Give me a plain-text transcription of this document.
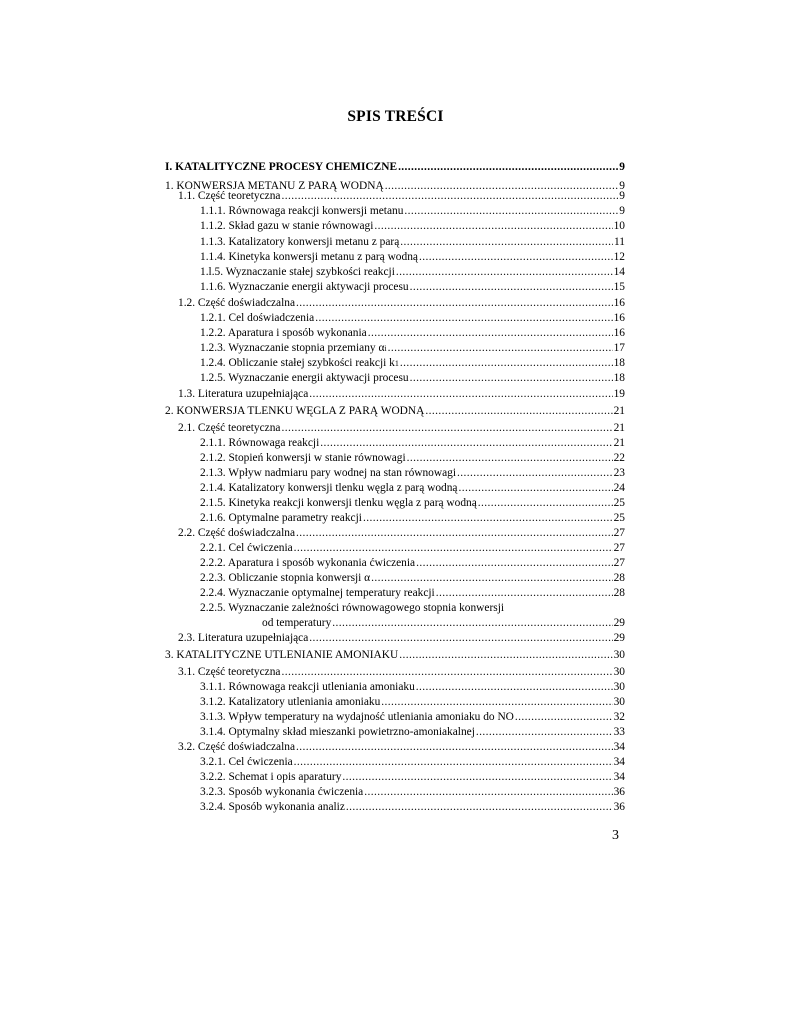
SPIS TREŚCI
I. KATALITYCZNE PROCESY CHEMICZNE .....	9
1. KONWERSJA METANU Z PARĄ WODNĄ .....	9
1.1. Część teoretyczna .....	9
1.1.1. Równowaga reakcji konwersji metanu .....	9
1.1.2. Skład gazu w stanie równowagi .....	10
1.1.3. Katalizatory konwersji metanu z parą .....	11
1.1.4. Kinetyka konwersji metanu z parą wodną .....	12
1.l.5. Wyznaczanie stałej szybkości reakcji .....	14
1.1.6. Wyznaczanie energii aktywacji procesu .....	15
1.2. Część doświadczalna .....	16
1.2.1. Cel doświadczenia .....	16
1.2.2. Aparatura i sposób wykonania .....	16
1.2.3. Wyznaczanie stopnia przemiany α i .....	17
1.2.4. Obliczanie stałej szybkości reakcji k 1 .....	18
1.2.5. Wyznaczanie energii aktywacji procesu .....	18
1.3. Literatura uzupełniająca .....	19
2. KONWERSJA TLENKU WĘGLA Z PARĄ WODNĄ .....	21
2.1. Część teoretyczna .....	21
2.1.1. Równowaga reakcji .....	21
2.1.2. Stopień konwersji w stanie równowagi .....	22
2.1.3. Wpływ nadmiaru pary wodnej na stan równowagi .....	23
2.1.4. Katalizatory konwersji tlenku węgla z parą wodną .....	24
2.1.5. Kinetyka reakcji konwersji tlenku węgla z parą wodną .....	25
2.1.6. Optymalne parametry reakcji .....	25
2.2. Część doświadczalna .....	27
2.2.1. Cel ćwiczenia .....	27
2.2.2. Aparatura i sposób wykonania ćwiczenia .....	27
2.2.3. Obliczanie stopnia konwersji α .....	28
2.2.4. Wyznaczanie optymalnej temperatury reakcji .....	28
2.2.5. Wyznaczanie zależności równowagowego stopnia konwersji
od temperatury .....	29
2.3. Literatura uzupełniająca .....	29
3. KATALITYCZNE UTLENIANIE AMONIAKU .....	30
3.1. Część teoretyczna .....	30
3.1.1. Równowaga reakcji utleniania amoniaku .....	30
3.1.2. Katalizatory utleniania amoniaku .....	30
3.1.3. Wpływ temperatury na wydajność utleniania amoniaku do NO .....	32
3.1.4. Optymalny skład mieszanki powietrzno-amoniakalnej .....	33
3.2. Część doświadczalna .....	34
3.2.1. Cel ćwiczenia .....	34
3.2.2. Schemat i opis aparatury .....	34
3.2.3. Sposób wykonania ćwiczenia .....	36
3.2.4. Sposób wykonania analiz .....	36
3
